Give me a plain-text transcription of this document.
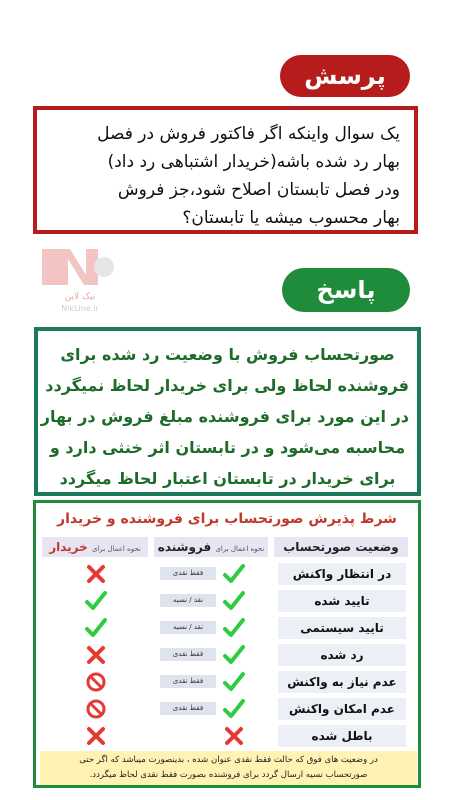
پرسش
یک سوال واینکه اگر فاکتور فروش در فصل
بهار رد شده باشه(خریدار اشتباهی رد داد)
ودر فصل تابستان اصلاح شود،جز فروش
بهار محسوب میشه یا تابستان؟
نیک لاین
NikLine.ir
پاسخ
صورتحساب فروش با وضعیت رد شده برای
فروشنده لحاظ ولی برای خریدار لحاظ نمیگردد
در این مورد برای فروشنده مبلغ فروش در بهار
محاسبه می‌شود و در تابستان اثر خنثی دارد و
برای خریدار در تابستان اعتبار لحاظ میگردد
شرط پذیرش صورتحساب برای فروشنده و خریدار
وضعیت صورتحساب
نحوه اعمال برای فروشنده
نحوه اعمال برای خریدار
در انتظار واکنش
فقط نقدی
تایید شده
نقد / نسیه
تایید سیستمی
نقد / نسیه
رد شده
فقط نقدی
عدم نیاز به واکنش
فقط نقدی
عدم امکان واکنش
فقط نقدی
باطل شده
در وضعیت های فوق که حالت فقط نقدی عنوان شده ، بدینصورت میباشد که اگر حتی
صورتحساب نسیه ارسال گردد برای فروشنده بصورت فقط نقدی لحاظ میگردد.
